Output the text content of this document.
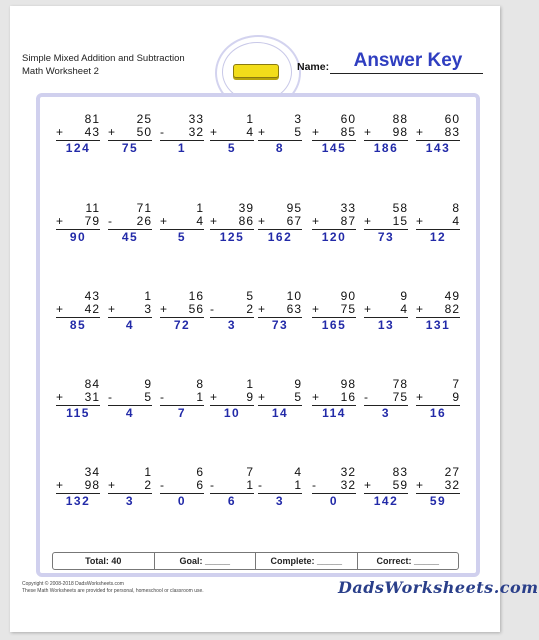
Simple Mixed Addition and Subtraction
Math Worksheet 2	Name:	Answer Key
81
+ 43
124
25
+ 50
75
33
- 32
1
1
+ 4
5
3
+ 5
8
60
+ 85
145
88
+ 98
186
60
+ 83
143
11
+ 79
90
71
- 26
45
1
+ 4
5
39
+ 86
125
95
+ 67
162
33
+ 87
120
58
+ 15
73
8
+ 4
12
43
+ 42
85
1
+ 3
4
16
+ 56
72
5
-	2
3
10
+ 63
73
90
+ 75
165
9
+ 4
13
49
+ 82
131
84
+ 31
115
9
-	5
4
8
-	1
7
1
+ 9
10
9
+ 5
14
98
+ 16
114
78
- 75
3
7
+ 9
16
34
+ 98
132
1
+ 2
3
6
-	6
0
7
-	1
6
4
-	1
3
32
- 32
0
83
+ 59
142
27
+ 32
59
Total: 40	Goal: _____	Complete: _____	Correct: _____
Copyright © 2008-2018 DadsWorksheets.com
These Math Worksheets are provided for personal, homeschool or classroom use.	DadsWorksheets.com
